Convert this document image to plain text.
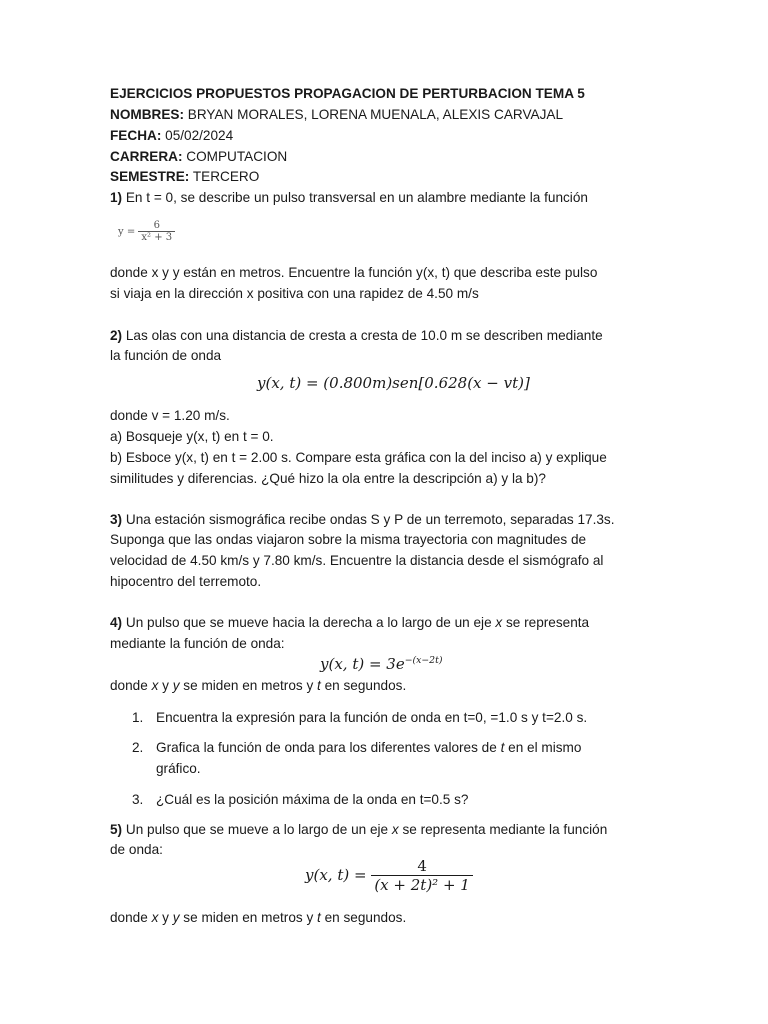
EJERCICIOS PROPUESTOS PROPAGACION DE PERTURBACION TEMA 5
NOMBRES: BRYAN MORALES, LORENA MUENALA, ALEXIS CARVAJAL
FECHA: 05/02/2024
CARRERA: COMPUTACION
SEMESTRE: TERCERO
1) En t = 0, se describe un pulso transversal en un alambre mediante la función
$y = \frac{6}{\text{x² + 3}}$
donde x y y están en metros. Encuentre la función y(x, t) que describa este pulso
si viaja en la dirección x positiva con una rapidez de 4.50 m/s
2) Las olas con una distancia de cresta a cresta de 10.0 m se describen mediante
la función de onda
y(x, t) = (0.800m)sen[0.628(x − vt)]
donde v = 1.20 m/s.
a) Bosqueje y(x, t) en t = 0.
b) Esboce y(x, t) en t = 2.00 s. Compare esta gráfica con la del inciso a) y explique
similitudes y diferencias. ¿Qué hizo la ola entre la descripción a) y la b)?
3) Una estación sismográfica recibe ondas S y P de un terremoto, separadas 17.3s.
Suponga que las ondas viajaron sobre la misma trayectoria con magnitudes de
velocidad de 4.50 km/s y 7.80 km/s. Encuentre la distancia desde el sismógrafo al
hipocentro del terremoto.
4) Un pulso que se mueve hacia la derecha a lo largo de un eje x se representa
mediante la función de onda:
y(x, $t) = 3e^{-(x-2t)}$
donde x y y se miden en metros y t en segundos.
1. Encuentra la expresión para la función de onda en t=0, =1.0 s y t=2.0 s.
2. Grafica la función de onda para los diferentes valores de t en el mismo
gráfico.
3. ¿Cuál es la posición máxima de la onda en t=0.5 s?
5) Un pulso que se mueve a lo largo de un eje x se representa mediante la función
de onda:
y(x, $t) = \frac{4}{\text{(x + 2t)² + 1}}$
donde x y y se miden en metros y t en segundos.
